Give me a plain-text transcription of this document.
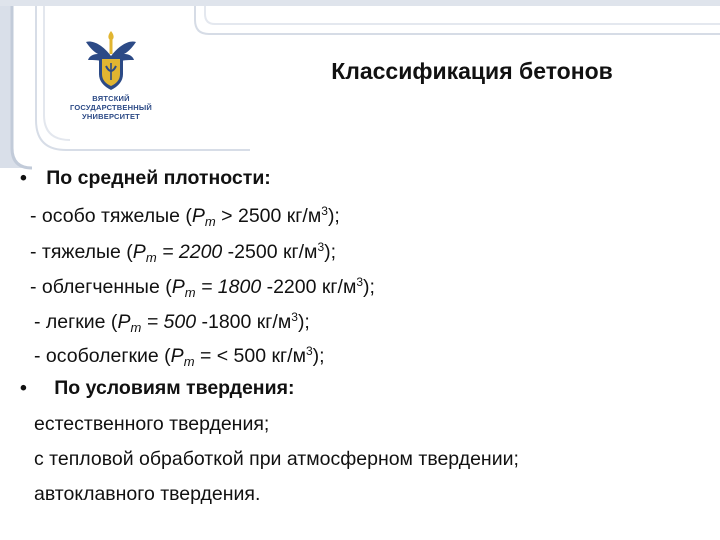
ВЯТСКИЙ
ГОСУДАРСТВЕННЫЙ
УНИВЕРСИТЕТ
Классификация бетонов
• По средней плотности:
- особо тяжелые ($Р_m > 2500$ $кг/м^3$);
- тяжелые ($Р_m = 2200$ -2500 $кг/м^3$);
- облегченные ($Р_m = 1800$ -2200 $кг/м^3$);
- легкие ($Р_m = 500$ -1800 $кг/м^3$);
- особолегкие ($Р_m$ = < 500 $кг/м^3$);
• По условиям твердения:
естественного твердения;
с тепловой обработкой при атмосферном твердении;
автоклавного твердения.
